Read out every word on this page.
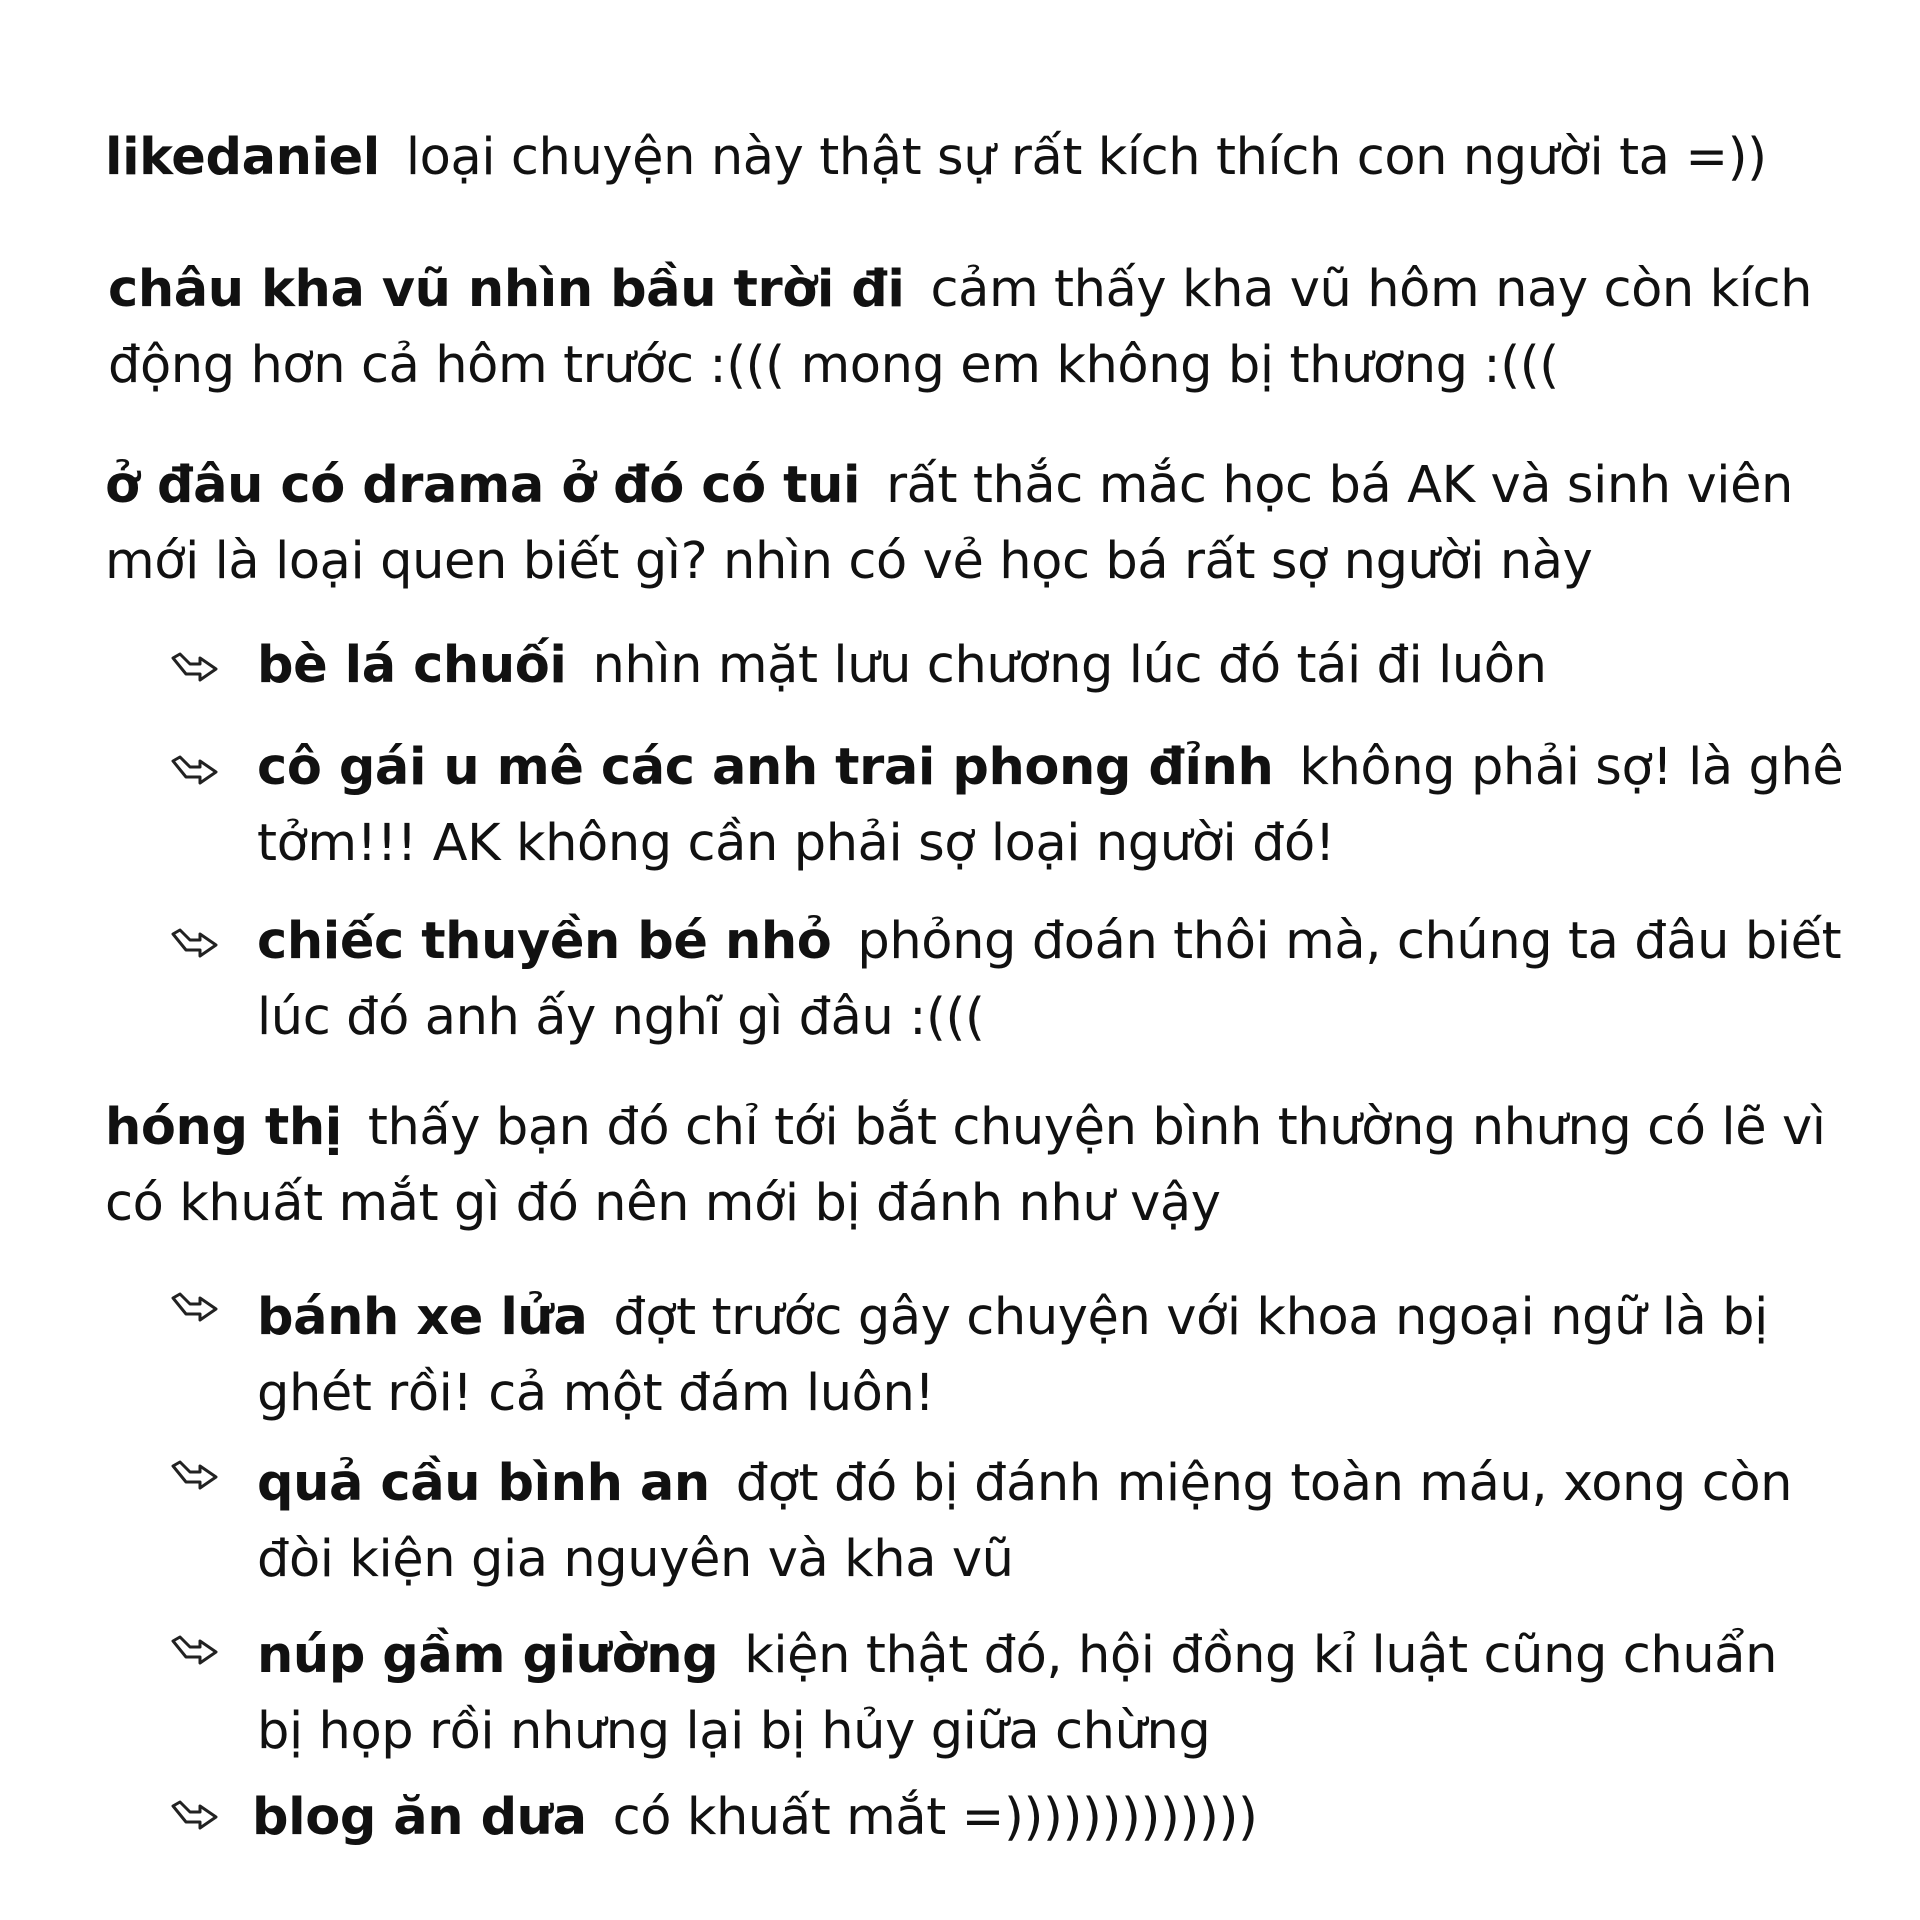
likedaniel loại chuyện này thật sự rất kích thích con người ta =))
châu kha vũ nhìn bầu trời đi cảm thấy kha vũ hôm nay còn kích động hơn cả hôm trước :((( mong em không bị thương :(((
ở đâu có drama ở đó có tui rất thắc mắc học bá AK và sinh viên mới là loại quen biết gì? nhìn có vẻ học bá rất sợ người này
bè lá chuối nhìn mặt lưu chương lúc đó tái đi luôn
cô gái u mê các anh trai phong đỉnh không phải sợ! là ghê tởm!!! AK không cần phải sợ loại người đó!
chiếc thuyền bé nhỏ phỏng đoán thôi mà, chúng ta đâu biết lúc đó anh ấy nghĩ gì đâu :(((
hóng thị thấy bạn đó chỉ tới bắt chuyện bình thường nhưng có lẽ vì có khuất mắt gì đó nên mới bị đánh như vậy
bánh xe lửa đợt trước gây chuyện với khoa ngoại ngữ là bị ghét rồi! cả một đám luôn!
quả cầu bình an đợt đó bị đánh miệng toàn máu, xong còn đòi kiện gia nguyên và kha vũ
núp gầm giường kiện thật đó, hội đồng kỉ luật cũng chuẩn bị họp rồi nhưng lại bị hủy giữa chừng
blog ăn dưa có khuất mắt =)))))))))))))
